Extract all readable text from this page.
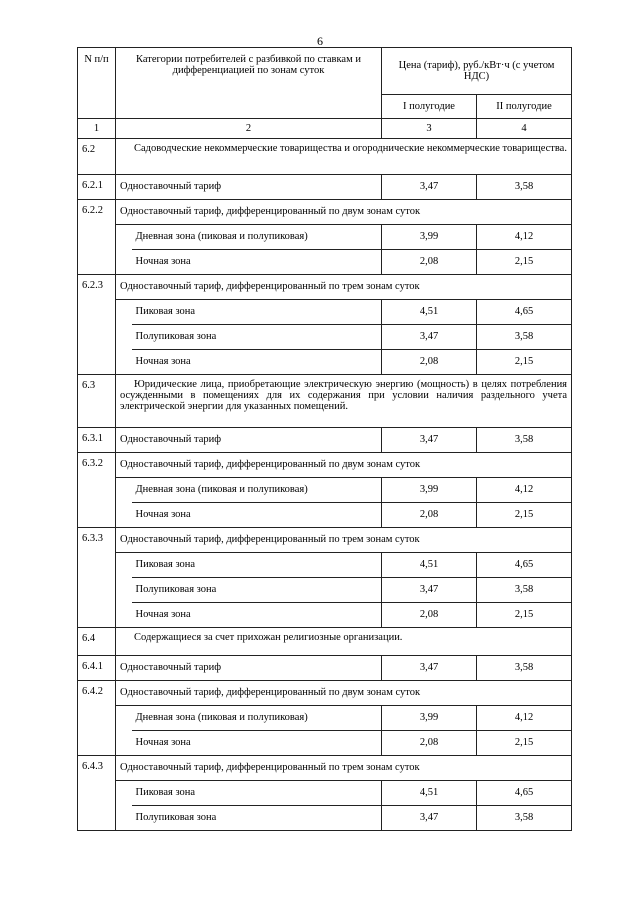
6
N п/п	Категории потребителей с разбивкой по ставкам и дифференциацией по зонам суток		Цена (тариф), руб./кВт·ч (с учетом НДС)	
			I полугодие	II полугодие
1	2		3	4
6.2	Садоводческие некоммерческие товарищества и огороднические некоммерческие товарищества.			
6.2.1	Одноставочный тариф		3,47	3,58
6.2.2	Одноставочный тариф, дифференцированный по двум зонам суток			
		Дневная зона (пиковая и полупиковая)	3,99	4,12
		Ночная зона	2,08	2,15
6.2.3	Одноставочный тариф, дифференцированный по трем зонам суток			
		Пиковая зона	4,51	4,65
		Полупиковая зона	3,47	3,58
		Ночная зона	2,08	2,15
6.3	Юридические лица, приобретающие электрическую энергию (мощность) в целях потребления осужденными в помещениях для их содержания при условии наличия раздельного учета электрической энергии для указанных помещений.			
6.3.1	Одноставочный тариф		3,47	3,58
6.3.2	Одноставочный тариф, дифференцированный по двум зонам суток			
		Дневная зона (пиковая и полупиковая)	3,99	4,12
		Ночная зона	2,08	2,15
6.3.3	Одноставочный тариф, дифференцированный по трем зонам суток			
		Пиковая зона	4,51	4,65
		Полупиковая зона	3,47	3,58
		Ночная зона	2,08	2,15
6.4	Содержащиеся за счет прихожан религиозные организации.			
6.4.1	Одноставочный тариф		3,47	3,58
6.4.2	Одноставочный тариф, дифференцированный по двум зонам суток			
		Дневная зона (пиковая и полупиковая)	3,99	4,12
		Ночная зона	2,08	2,15
6.4.3	Одноставочный тариф, дифференцированный по трем зонам суток			
		Пиковая зона	4,51	4,65
		Полупиковая зона	3,47	3,58
